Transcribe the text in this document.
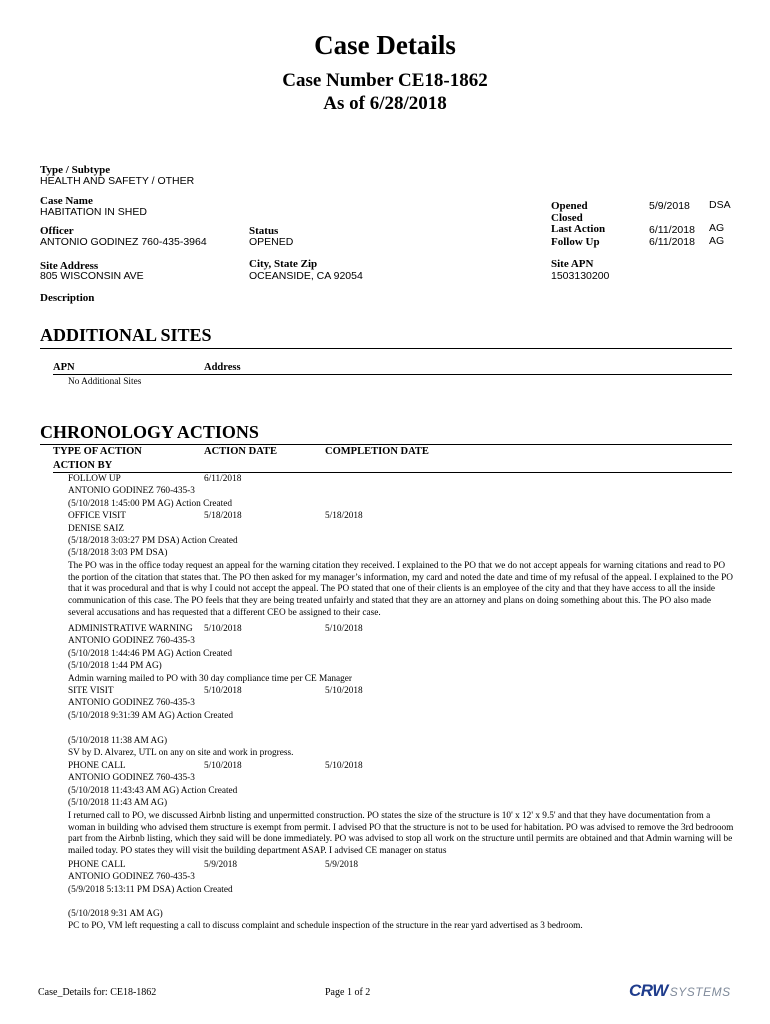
Case Details
Case Number CE18-1862
As of 6/28/2018
Type / Subtype
HEALTH AND SAFETY / OTHER
Case Name
HABITATION IN SHED
Officer
ANTONIO GODINEZ 760-435-3964
Status
OPENED
Site Address
805 WISCONSIN AVE
City, State Zip
OCEANSIDE, CA 92054
Description
Opened	5/9/2018 DSA
Closed
Last Action	6/11/2018 AG
Follow Up	6/11/2018 AG
Site APN
1503130200
ADDITIONAL SITES
APN	Address
No Additional Sites
CHRONOLOGY ACTIONS
TYPE OF ACTION
ACTION BY
ACTION DATE	COMPLETION DATE
FOLLOW UP	6/11/2018
ANTONIO GODINEZ 760-435-3
(5/10/2018 1:45:00 PM AG) Action Created
OFFICE VISIT	5/18/2018	5/18/2018
DENISE SAIZ
(5/18/2018 3:03:27 PM DSA) Action Created
(5/18/2018 3:03 PM DSA)
The PO was in the office today request an appeal for the warning citation they received. I explained to the PO that we do not accept appeals for warning citations and read to PO the portion of the citation that states that. The PO then asked for my manager’s information, my card and noted the date and time of my refusal of the appeal. I explained to the PO that it was procedural and that is why I could not accept the appeal. The PO stated that one of their clients is an employee of the city and that they have access to all the inside communication of this case. The PO feels that they are being treated unfairly and stated that they are an attorney and plans on doing something about this. The PO also made several accusations and has requested that a different CEO be assigned to their case.
ADMINISTRATIVE WARNING 5/10/2018	5/10/2018
ANTONIO GODINEZ 760-435-3
(5/10/2018 1:44:46 PM AG) Action Created
(5/10/2018 1:44 PM AG)
Admin warning mailed to PO with 30 day compliance time per CE Manager
SITE VISIT	5/10/2018	5/10/2018
ANTONIO GODINEZ 760-435-3
(5/10/2018 9:31:39 AM AG) Action Created
(5/10/2018 11:38 AM AG)
SV by D. Alvarez, UTL on any on site and work in progress.
PHONE CALL	5/10/2018	5/10/2018
ANTONIO GODINEZ 760-435-3
(5/10/2018 11:43:43 AM AG) Action Created
(5/10/2018 11:43 AM AG)
I returned call to PO, we discussed Airbnb listing and unpermitted construction. PO states the size of the structure is 10' x 12' x 9.5' and that they have documentation from a woman in building who advised them structure is exempt from permit. I advised PO that the structure is not to be used for habitation. PO was advised to remove the 3rd bedrooom part from the Airbnb listing, which they said will be done immediately. PO was advised to stop all work on the structure until permits are obtained and that Admin warning will be mailed today. PO states they will visit the building department ASAP. I advised CE manager on status
PHONE CALL	5/9/2018	5/9/2018
ANTONIO GODINEZ 760-435-3
(5/9/2018 5:13:11 PM DSA) Action Created
(5/10/2018 9:31 AM AG)
PC to PO, VM left requesting a call to discuss complaint and schedule inspection of the structure in the rear yard advertised as 3 bedroom.
Case_Details for: CE18-1862	Page 1 of 2	CRW SYSTEMS
